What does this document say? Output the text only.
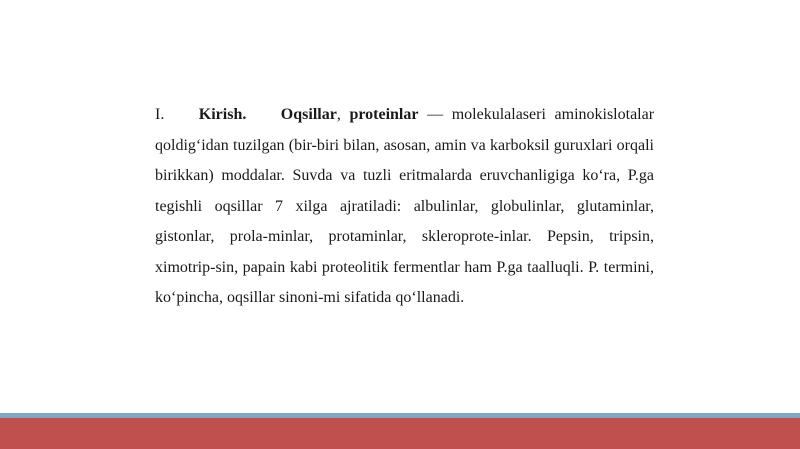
I. Kirish. Oqsillar, proteinlar — molekulalaseri aminokislotalar qoldig‘idan tuzilgan (bir-biri bilan, asosan, amin va karboksil guruxlari orqali birikkan) moddalar. Suvda va tuzli eritmalarda eruvchanligiga ko‘ra, P.ga tegishli oqsillar 7 xilga ajratiladi: albulinlar, globulinlar, glutaminlar, gistonlar, prola-minlar, protaminlar, skleroprote-inlar. Pepsin, tripsin, ximotrip-sin, papain kabi proteolitik fermentlar ham P.ga taalluqli. P. termini, ko‘pincha, oqsillar sinoni-mi sifatida qo‘llanadi.
